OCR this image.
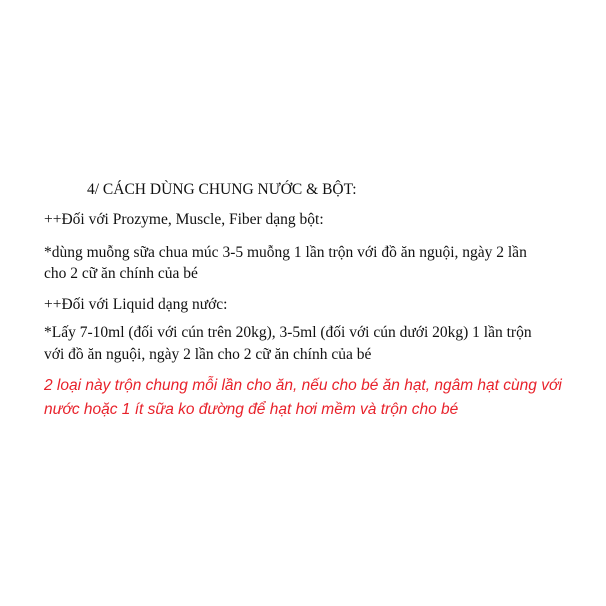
4/ CÁCH DÙNG CHUNG NƯỚC & BỘT:
++Đối với Prozyme, Muscle, Fiber dạng bột:
*dùng muỗng sữa chua múc 3-5 muỗng 1 lần trộn với đồ ăn nguội, ngày 2 lần
cho 2 cữ ăn chính của bé
++Đối với Liquid dạng nước:
*Lấy 7-10ml (đối với cún trên 20kg), 3-5ml (đối với cún dưới 20kg) 1 lần trộn
với đồ ăn nguội, ngày 2 lần cho 2 cữ ăn chính của bé
2 loại này trộn chung mỗi lần cho ăn, nếu cho bé ăn hạt, ngâm hạt cùng với
nước hoặc 1 ít sữa ko đường để hạt hơi mềm và trộn cho bé
